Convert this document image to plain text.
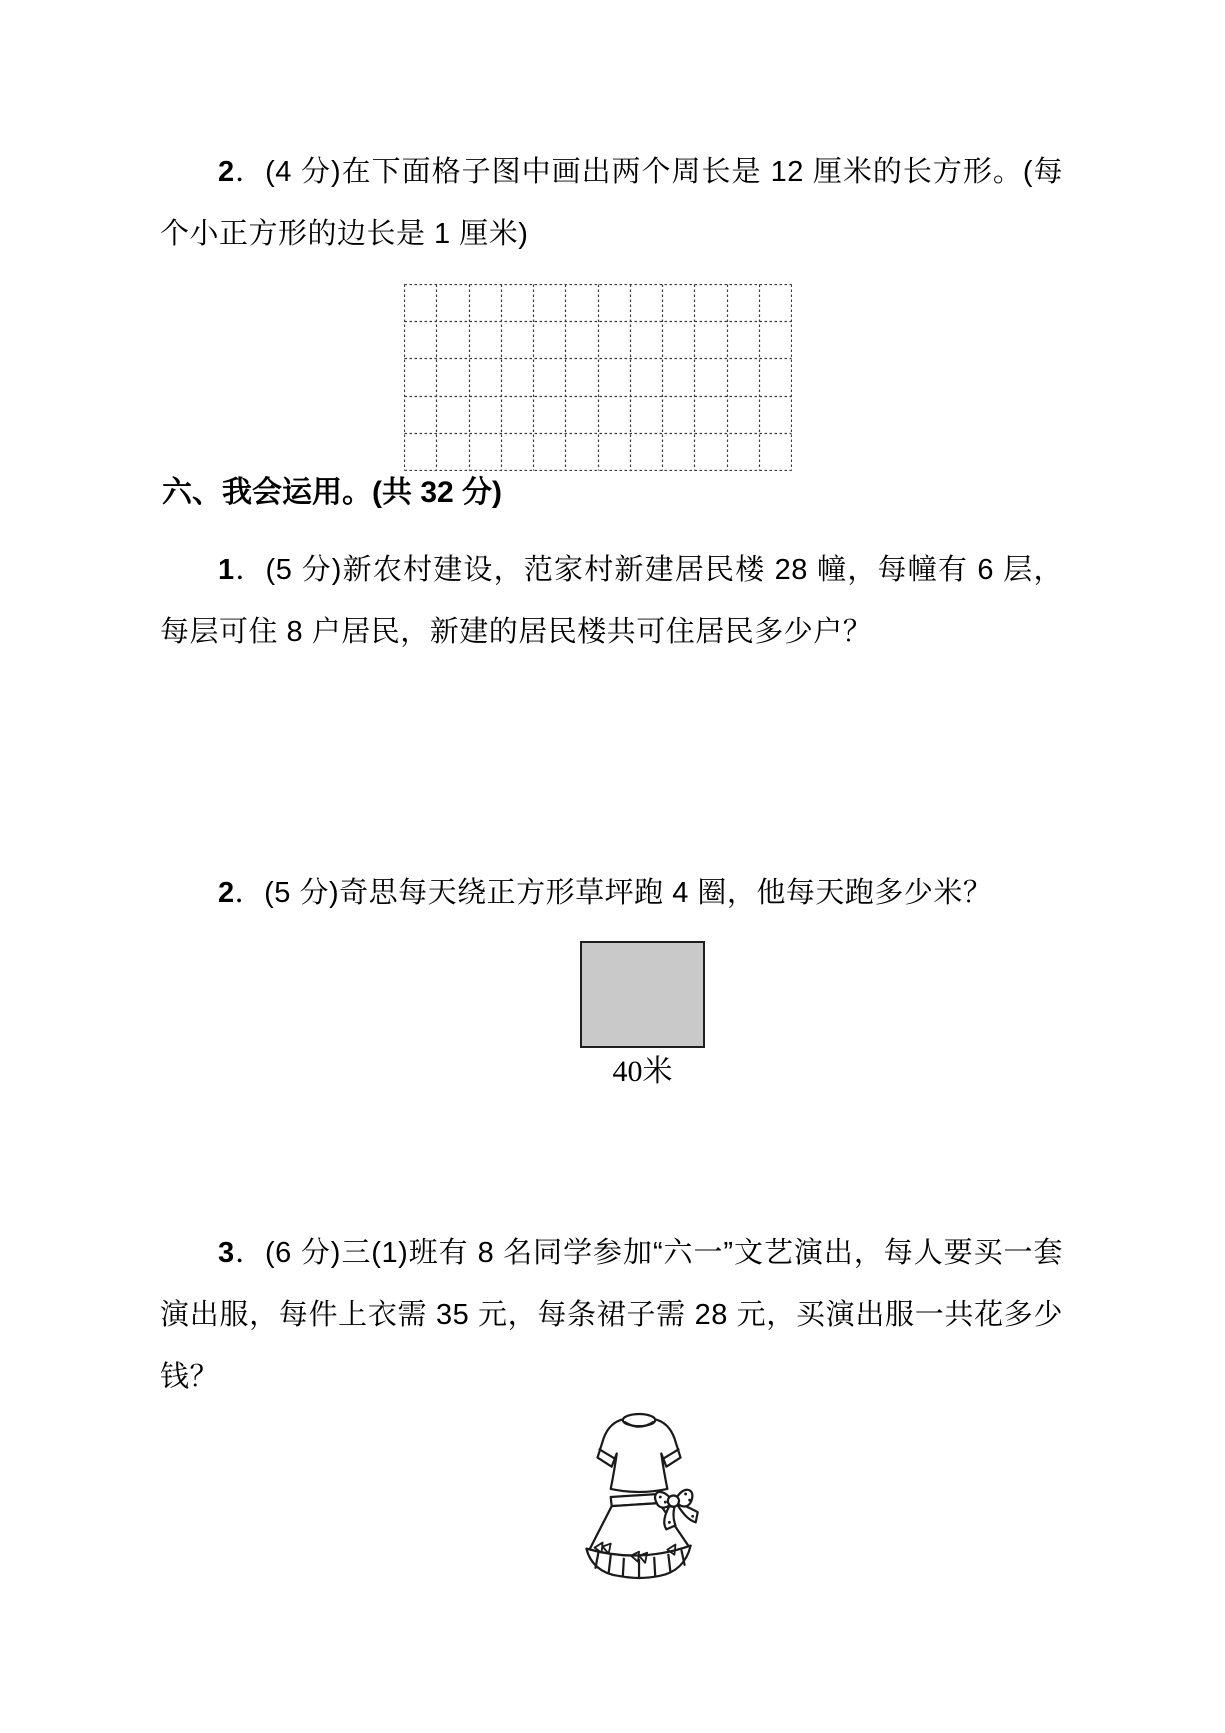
2．(4 分)在下面格子图中画出两个周长是 12 厘米的长方形。(每个小正方形的边长是 1 厘米)

六、我会运用。(共 32 分)

1．(5 分)新农村建设，范家村新建居民楼 28 幢，每幢有 6 层，每层可住 8 户居民，新建的居民楼共可住居民多少户？

2．(5 分)奇思每天绕正方形草坪跑 4 圈，他每天跑多少米？

40米

3．(6 分)三(1)班有 8 名同学参加“六一”文艺演出，每人要买一套演出服，每件上衣需 35 元，每条裙子需 28 元，买演出服一共花多少钱？
